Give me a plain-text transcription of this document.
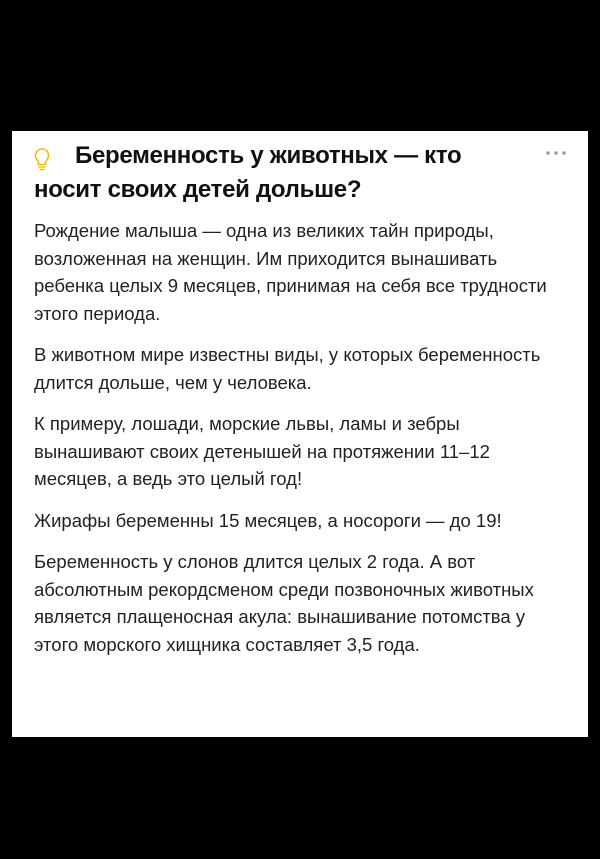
Беременность у животных — кто носит своих детей дольше?

Рождение малыша — одна из великих тайн природы, возложенная на женщин. Им приходится вынашивать ребенка целых 9 месяцев, принимая на себя все трудности этого периода.

В животном мире известны виды, у которых беременность длится дольше, чем у человека.

К примеру, лошади, морские львы, ламы и зебры вынашивают своих детенышей на протяжении 11–12 месяцев, а ведь это целый год!

Жирафы беременны 15 месяцев, а носороги — до 19!

Беременность у слонов длится целых 2 года. А вот абсолютным рекордсменом среди позвоночных животных является плащеносная акула: вынашивание потомства у этого морского хищника составляет 3,5 года.
